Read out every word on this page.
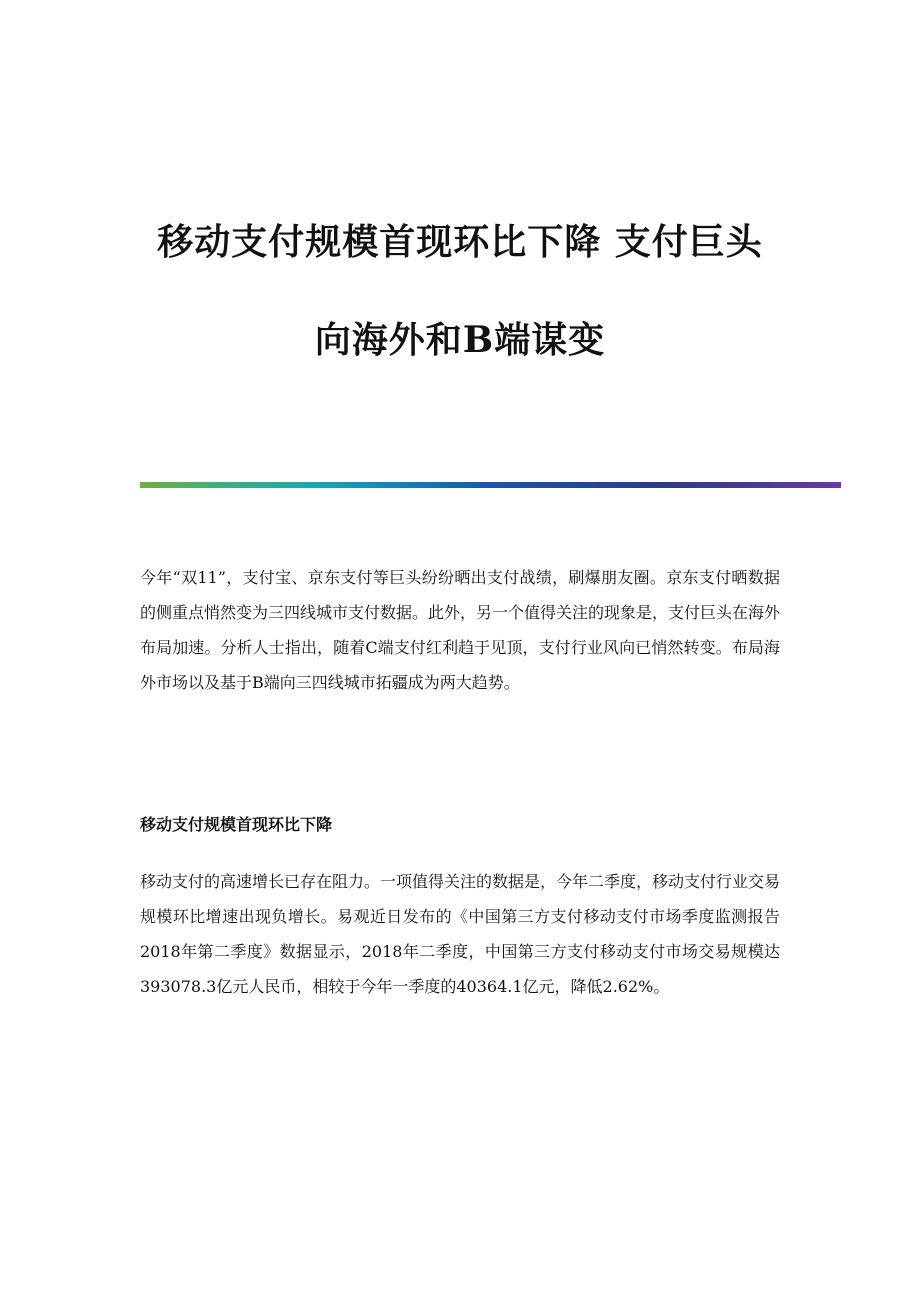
移动支付规模首现环比下降 支付巨头
向海外和B端谋变

今年“双11”，支付宝、京东支付等巨头纷纷晒出支付战绩，刷爆朋友圈。京东支付晒数据的侧重点悄然变为三四线城市支付数据。此外，另一个值得关注的现象是，支付巨头在海外布局加速。分析人士指出，随着C端支付红利趋于见顶，支付行业风向已悄然转变。布局海外市场以及基于B端向三四线城市拓疆成为两大趋势。

移动支付规模首现环比下降

移动支付的高速增长已存在阻力。一项值得关注的数据是，今年二季度，移动支付行业交易规模环比增速出现负增长。易观近日发布的《中国第三方支付移动支付市场季度监测报告2018年第二季度》数据显示，2018年二季度，中国第三方支付移动支付市场交易规模达393078.3亿元人民币，相较于今年一季度的40364.1亿元，降低2.62%。
